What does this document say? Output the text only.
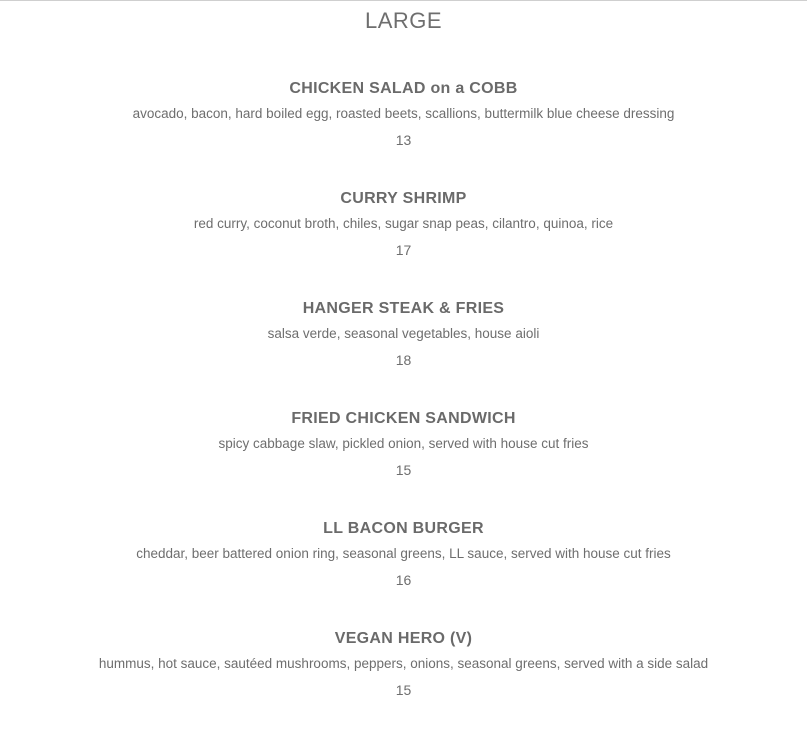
LARGE
CHICKEN SALAD on a COBB
avocado, bacon, hard boiled egg, roasted beets, scallions, buttermilk blue cheese dressing
13
CURRY SHRIMP
red curry, coconut broth, chiles, sugar snap peas, cilantro, quinoa, rice
17
HANGER STEAK & FRIES
salsa verde, seasonal vegetables, house aioli
18
FRIED CHICKEN SANDWICH
spicy cabbage slaw, pickled onion, served with house cut fries
15
LL BACON BURGER
cheddar, beer battered onion ring, seasonal greens, LL sauce, served with house cut fries
16
VEGAN HERO (V)
hummus, hot sauce, sautéed mushrooms, peppers, onions, seasonal greens, served with a side salad
15
